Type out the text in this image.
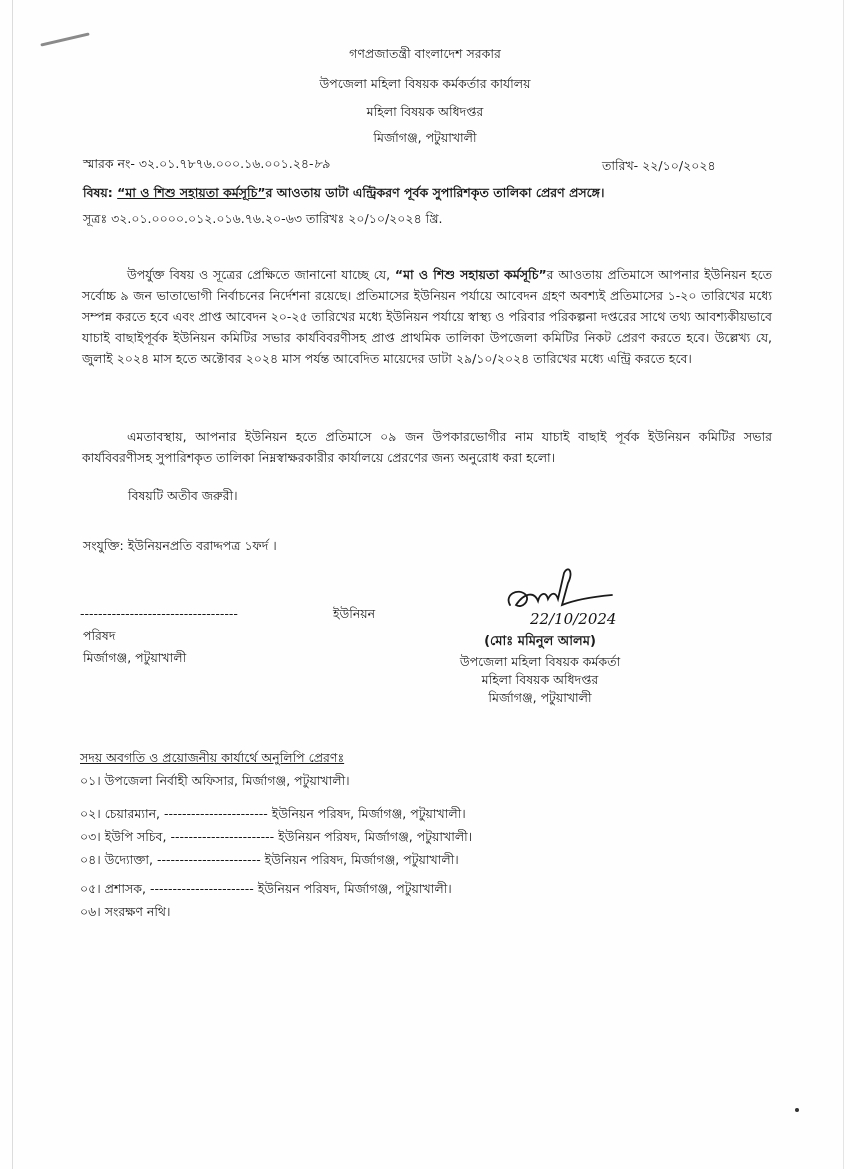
গণপ্রজাতন্ত্রী বাংলাদেশ সরকার
উপজেলা মহিলা বিষয়ক কর্মকর্তার কার্যালয়
মহিলা বিষয়ক অধিদপ্তর
মির্জাগঞ্জ, পটুয়াখালী
স্মারক নং- ৩২.০১.৭৮৭৬.০০০.১৬.০০১.২৪-৮৯	তারিখ- ২২/১০/২০২৪
বিষয়: “মা ও শিশু সহায়তা কর্মসূচি”র আওতায় ডাটা এন্ট্রিকরণ পূর্বক সুপারিশকৃত তালিকা প্রেরণ প্রসঙ্গে।
সূত্রঃ ৩২.০১.০০০০.০১২.০১৬.৭৬.২০-৬৩ তারিখঃ ২০/১০/২০২৪ খ্রি.
উপর্যুক্ত বিষয় ও সূত্রের প্রেক্ষিতে জানানো যাচ্ছে যে, “মা ও শিশু সহায়তা কর্মসূচি”র আওতায় প্রতিমাসে আপনার ইউনিয়ন হতে সর্বোচ্চ ৯ জন ভাতাভোগী নির্বাচনের নির্দেশনা রয়েছে। প্রতিমাসের ইউনিয়ন পর্যায়ে আবেদন গ্রহণ অবশ্যই প্রতিমাসের ১-২০ তারিখের মধ্যে সম্পন্ন করতে হবে এবং প্রাপ্ত আবেদন ২০-২৫ তারিখের মধ্যে ইউনিয়ন পর্যায়ে স্বাস্থ্য ও পরিবার পরিকল্পনা দপ্তরের সাথে তথ্য আবশ্যকীয়ভাবে যাচাই বাছাইপূর্বক ইউনিয়ন কমিটির সভার কার্যবিবরণীসহ প্রাপ্ত প্রাথমিক তালিকা উপজেলা কমিটির নিকট প্রেরণ করতে হবে। উল্লেখ্য যে, জুলাই ২০২৪ মাস হতে অক্টোবর ২০২৪ মাস পর্যন্ত আবেদিত মায়েদের ডাটা ২৯/১০/২০২৪ তারিখের মধ্যে এন্ট্রি করতে হবে।
এমতাবস্থায়, আপনার ইউনিয়ন হতে প্রতিমাসে ০৯ জন উপকারভোগীর নাম যাচাই বাছাই পূর্বক ইউনিয়ন কমিটির সভার কার্যবিবরণীসহ সুপারিশকৃত তালিকা নিম্নস্বাক্ষরকারীর কার্যালয়ে প্রেরণের জন্য অনুরোধ করা হলো।
বিষয়টি অতীব জরুরী।
সংযুক্তি: ইউনিয়নপ্রতি বরাদ্দপত্র ১ফর্দ ।
-----------------------------------	ইউনিয়ন
পরিষদ
মির্জাগঞ্জ, পটুয়াখালী
22/10/2024
(মোঃ মমিনুল আলম)
উপজেলা মহিলা বিষয়ক কর্মকর্তা
মহিলা বিষয়ক অধিদপ্তর
মির্জাগঞ্জ, পটুয়াখালী
সদয় অবগতি ও প্রয়োজনীয় কার্যার্থে অনুলিপি প্রেরণঃ
০১। উপজেলা নির্বাহী অফিসার, মির্জাগঞ্জ, পটুয়াখালী।
০২। চেয়ারম্যান, ----------------------- ইউনিয়ন পরিষদ, মির্জাগঞ্জ, পটুয়াখালী।
০৩। ইউপি সচিব, ----------------------- ইউনিয়ন পরিষদ, মির্জাগঞ্জ, পটুয়াখালী।
০৪। উদ্যোক্তা, ----------------------- ইউনিয়ন পরিষদ, মির্জাগঞ্জ, পটুয়াখালী।
০৫। প্রশাসক, ----------------------- ইউনিয়ন পরিষদ, মির্জাগঞ্জ, পটুয়াখালী।
০৬। সংরক্ষণ নথি।
